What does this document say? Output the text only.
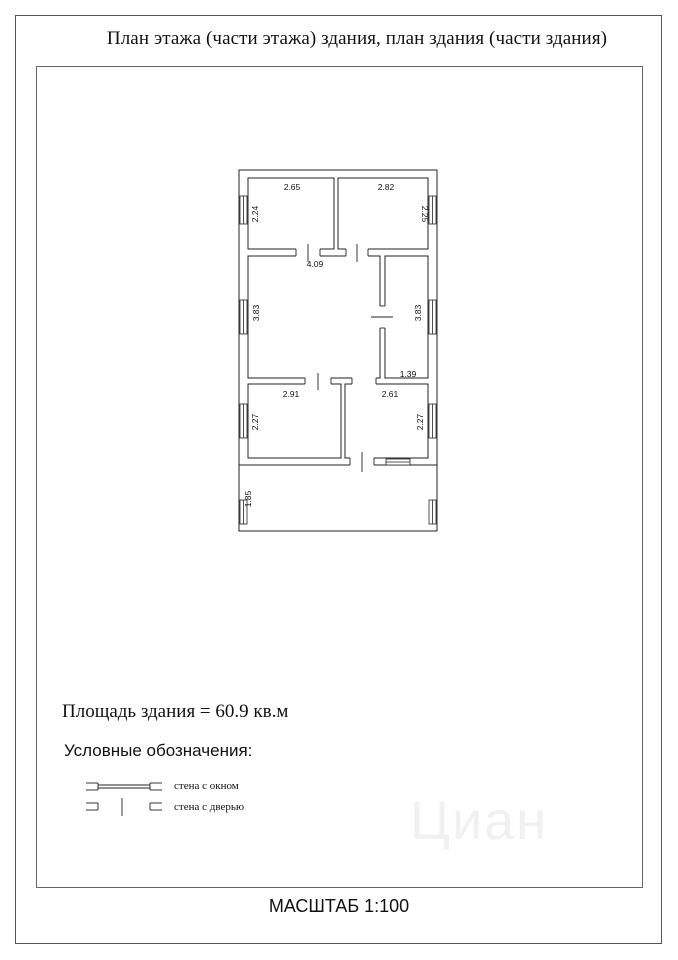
План этажа (части этажа) здания, план здания (части здания)
Циан
2.65
2.24
2.82
2.25
4.09
3.83
1.39
3.83
2.91
2.27
2.61
2.27
1.85
Площадь здания = 60.9 кв.м
Условные обозначения:
стена с окном
стена с дверью
МАСШТАБ 1:100
